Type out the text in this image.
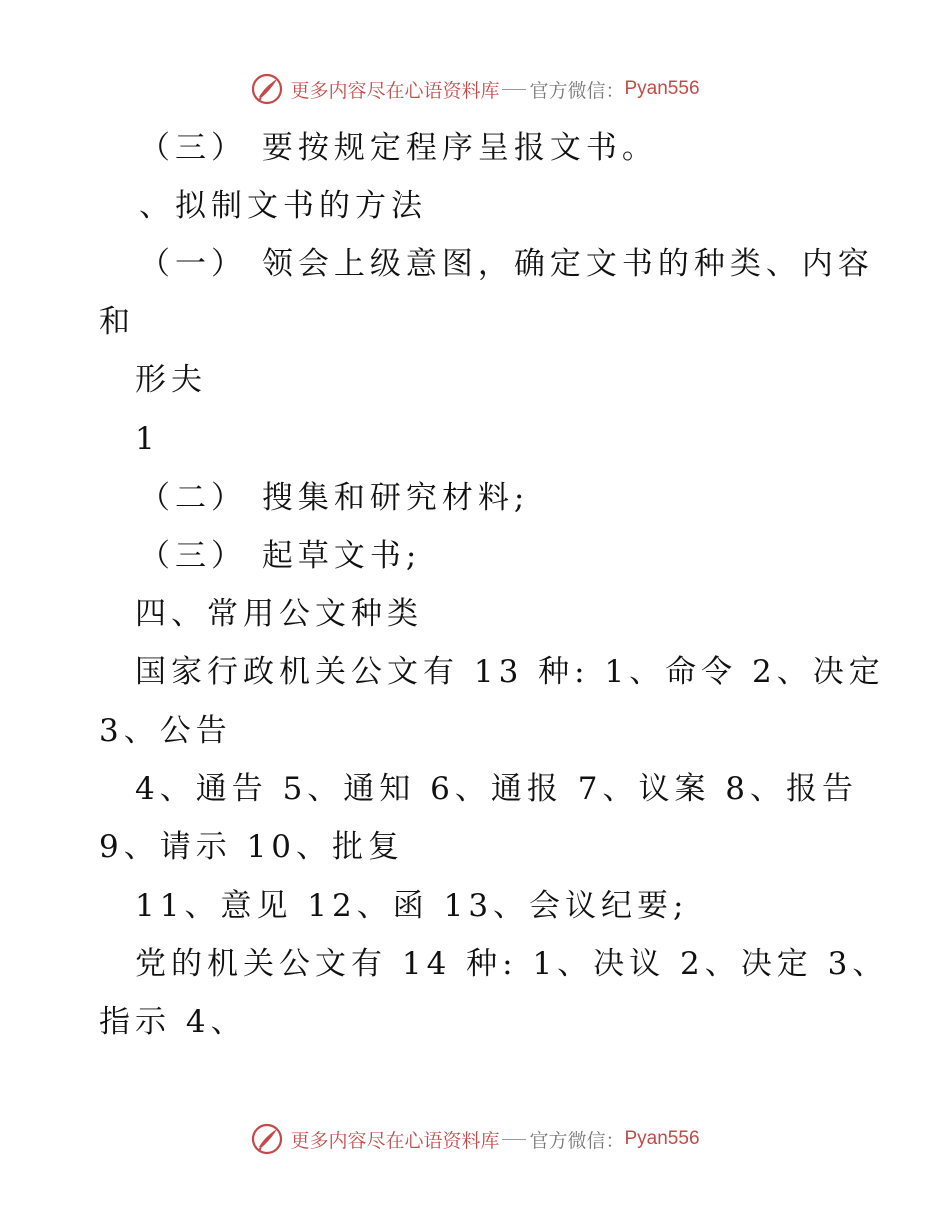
更多内容尽在心语资料库 官方微信： Pyan556

（三） 要按规定程序呈报文书。

、拟制文书的方法

（一） 领会上级意图，确定文书的种类、内容

和

形夫

1

（二） 搜集和研究材料;

（三） 起草文书;

四、常用公文种类

国家行政机关公文有 13 种: 1、命令 2、决定

3、公告

4、通告 5、通知 6、通报 7、议案 8、报告

9、请示 10、批复

11、意见 12、函 13、会议纪要;

党的机关公文有 14 种: 1、决议 2、决定 3、

指示 4、

更多内容尽在心语资料库 官方微信： Pyan556
